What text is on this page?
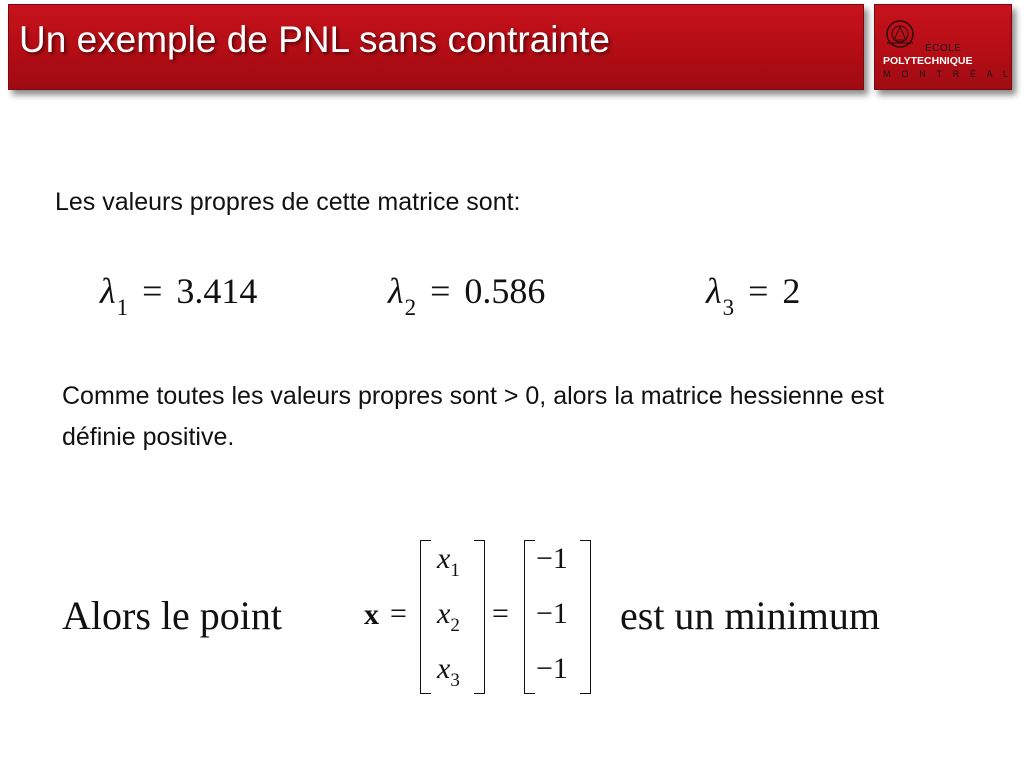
Un exemple de PNL sans contrainte	ÉCOLE
POLYTECHNIQUE
M O N T R É A L
Les valeurs propres de cette matrice sont:
$\lambda_1 = 3.414$	$\lambda_2 = 0.586$	$\lambda_3 = 2$
Comme toutes les valeurs propres sont > 0, alors la matrice hessienne est définie positive.
Alors le point	x =
$x_1$
$x_2$
$x_3$
=
−1
−1
−1
est un minimum
